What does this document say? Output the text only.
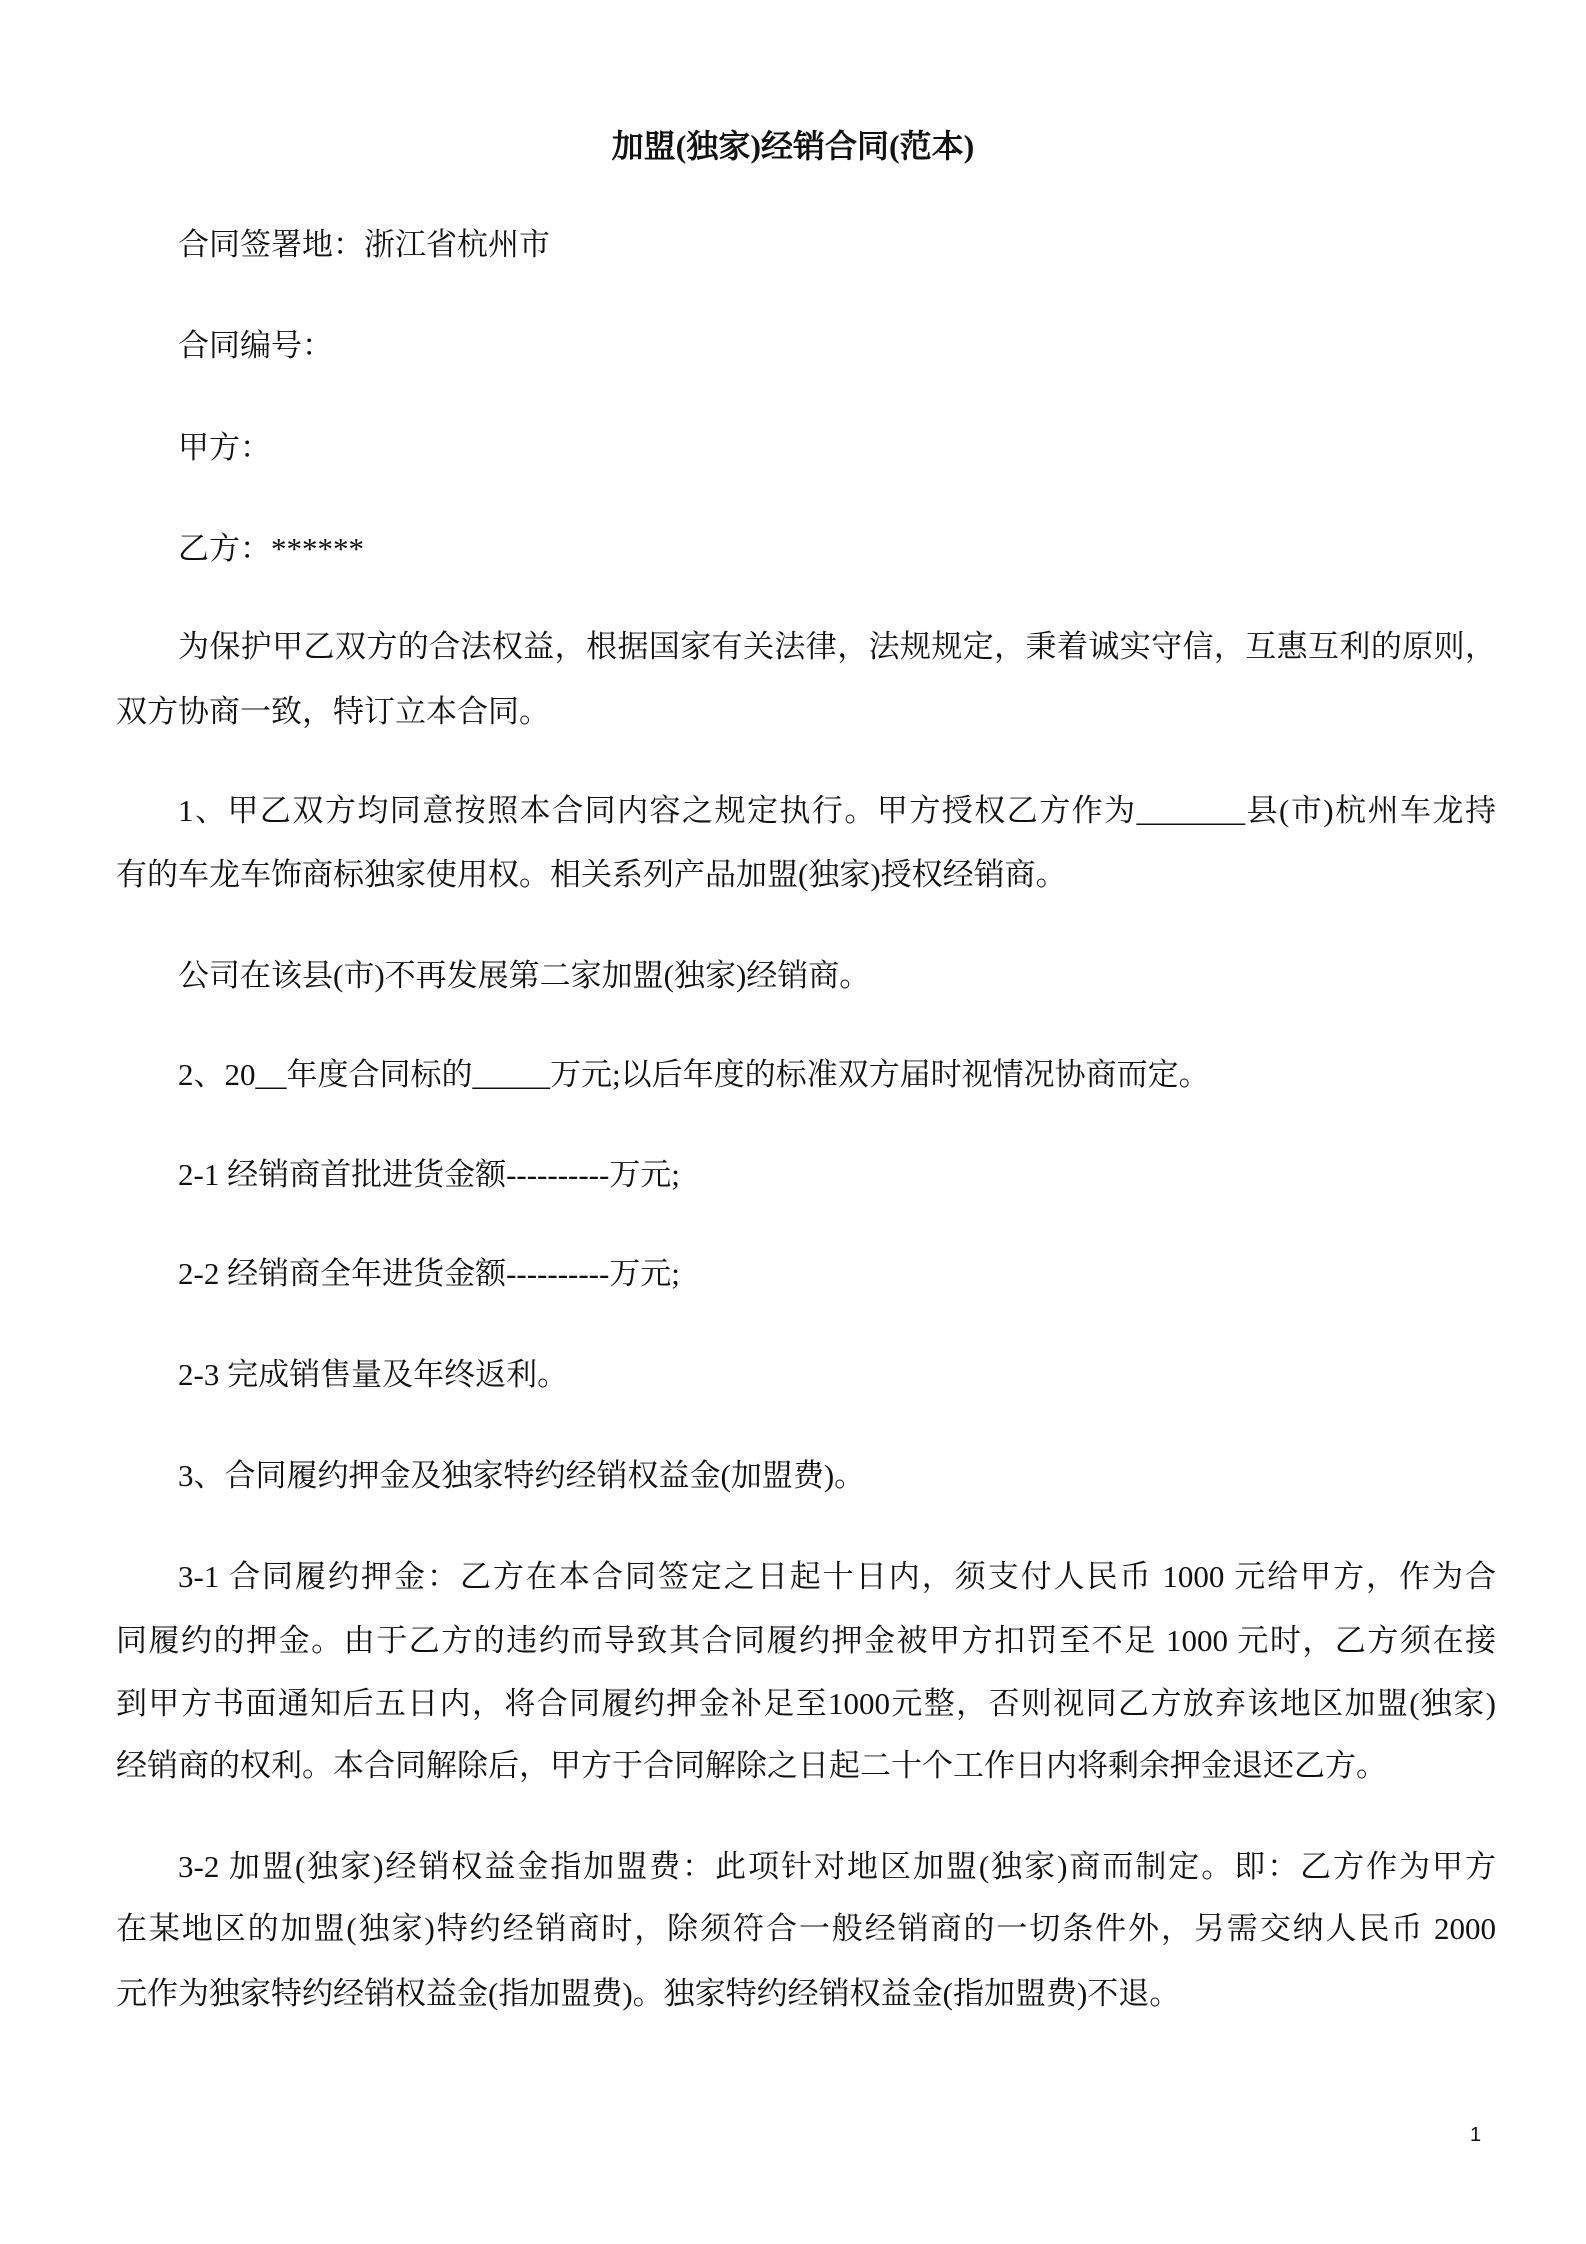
加盟(独家)经销合同(范本)
合同签署地：浙江省杭州市
合同编号：
甲方：
乙方：******
为保护甲乙双方的合法权益，根据国家有关法律，法规规定，秉着诚实守信，互惠互利的原则，
双方协商一致，特订立本合同。
1、甲乙双方均同意按照本合同内容之规定执行。甲方授权乙方作为_______县(市)杭州车龙持
有的车龙车饰商标独家使用权。相关系列产品加盟(独家)授权经销商。
公司在该县(市)不再发展第二家加盟(独家)经销商。
2、20__年度合同标的_____万元;以后年度的标准双方届时视情况协商而定。
2-1 经销商首批进货金额----------万元;
2-2 经销商全年进货金额----------万元;
2-3 完成销售量及年终返利。
3、合同履约押金及独家特约经销权益金(加盟费)。
3-1 合同履约押金：乙方在本合同签定之日起十日内，须支付人民币 1000 元给甲方，作为合
同履约的押金。由于乙方的违约而导致其合同履约押金被甲方扣罚至不足 1000 元时，乙方须在接
到甲方书面通知后五日内，将合同履约押金补足至1000元整，否则视同乙方放弃该地区加盟(独家)
经销商的权利。本合同解除后，甲方于合同解除之日起二十个工作日内将剩余押金退还乙方。
3-2 加盟(独家)经销权益金指加盟费：此项针对地区加盟(独家)商而制定。即：乙方作为甲方
在某地区的加盟(独家)特约经销商时，除须符合一般经销商的一切条件外，另需交纳人民币 2000
元作为独家特约经销权益金(指加盟费)。独家特约经销权益金(指加盟费)不退。
1
